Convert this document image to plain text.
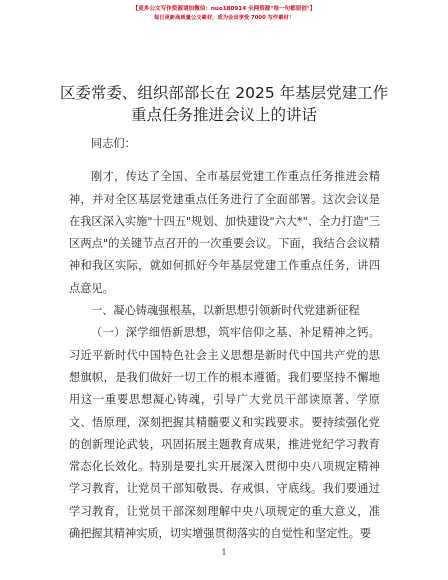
【更多公文写作资源请加微信：nuo180914 全网资源"每一句都原创"】
每日更新高质量公文素材，成为会员享受 7000 写作素材！
区委常委、组织部部长在 2025 年基层党建工作
重点任务推进会议上的讲话

同志们：

刚才，传达了全国、全市基层党建工作重点任务推进会精神，并对全区基层党建重点任务进行了全面部署。这次会议是在我区深入实施"十四五"规划、加快建设"六大*"、全力打造"三区两点"的关键节点召开的一次重要会议。下面，我结合会议精神和我区实际，就如何抓好今年基层党建工作重点任务，讲四点意见。

一、凝心铸魂强根基，以新思想引领新时代党建新征程

（一）深学细悟新思想，筑牢信仰之基、补足精神之钙。习近平新时代中国特色社会主义思想是新时代中国共产党的思想旗帜，是我们做好一切工作的根本遵循。我们要坚持不懈地用这一重要思想凝心铸魂，引导广大党员干部读原著、学原文、悟原理，深刻把握其精髓要义和实践要求。要持续强化党的创新理论武装，巩固拓展主题教育成果，推进党纪学习教育常态化长效化。特别是要扎实开展深入贯彻中央八项规定精神学习教育，让党员干部知敬畏、存戒惧、守底线。我们要通过学习教育，让党员干部深刻理解中央八项规定的重大意义，准确把握其精神实质，切实增强贯彻落实的自觉性和坚定性。要

1
